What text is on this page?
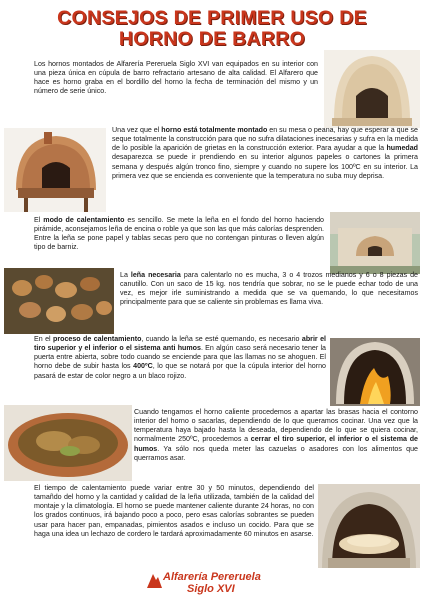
CONSEJOS DE PRIMER USO DE
HORNO DE BARRO
Los hornos montados de Alfarería Pereruela Siglo XVI van equipados en su interior con una pieza única en cúpula de barro refractario artesano de alta calidad. El Alfarero que hace es horno graba en el bordillo del horno la fecha de terminación del mismo y un número de serie único.
Una vez que el horno está totalmente montado en su mesa o peana, hay que esperar a que se seque totalmente la construcción para que no sufra dilataciones inecesarias y sufra en la medida de lo posible la aparición de grietas en la construcción exterior. Para ayudar a que la humedad desaparezca se puede ir prendiendo en su interior algunos papeles o cartones la primera semana y después algún tronco fino, siempre y cuando no supere los 100ºC en su interior. La primera vez que se encienda es conveniente que la temperatura no suba muy deprisa.
El modo de calentamiento es sencillo. Se mete la leña en el fondo del horno haciendo pirámide, aconsejamos leña de encina o roble ya que son las que más calorías desprenden. Entre la leña se pone papel y tablas secas pero que no contengan pinturas o lleven algún tipo de barniz.
La leña necesaria para calentarlo no es mucha, 3 o 4 trozos medianos y 6 o 8 piezas de canutillo. Con un saco de 15 kg. nos tendría que sobrar, no se le puede echar todo de una vez, es mejor irle suministrando a medida que se va quemando, lo que necesitamos principalmente para que se caliente sin problemas es llama viva.
En el proceso de calentamiento, cuando la leña se esté quemando, es necesario abrir el tiro superior y el inferior o el sistema anti humos. En algún caso será necesario tener la puerta entre abierta, sobre todo cuando se enciende para que las llamas no se ahoguen. El horno debe de subir hasta los 400ºC, lo que se notará por que la cúpula interior del horno pasará de estar de color negro a un blaco rojizo.
Cuando tengamos el horno caliente procedemos a apartar las brasas hacia el contorno interior del horno o sacarlas, dependiendo de lo que queramos cocinar. Una vez que la temperatura haya bajado hasta la deseada, dependiendo de lo que se quiera cocinar, normalmente 250ºC, procedemos a cerrar el tiro superior, el inferior o el sistema de humos. Ya sólo nos queda meter las cazuelas o asadores con los alimentos que querramos asar.
El tiempo de calentamiento puede variar entre 30 y 50 minutos, dependiendo del tamañdo del horno y la cantidad y calidad de la leña utilizada, también de la calidad del montaje y la climatología. El horno se puede mantener caliente durante 24 horas, no con los grados continuos, irá bajando poco a poco, pero esas calorías sobrantes se pueden usar para hacer pan, empanadas, pimientos asados e incluso un cocido. Para que se haga una idea un lechazo de cordero le tardará aproximadamente 60 minutos en asarse.
Alfarería Pereruela
Siglo XVI
